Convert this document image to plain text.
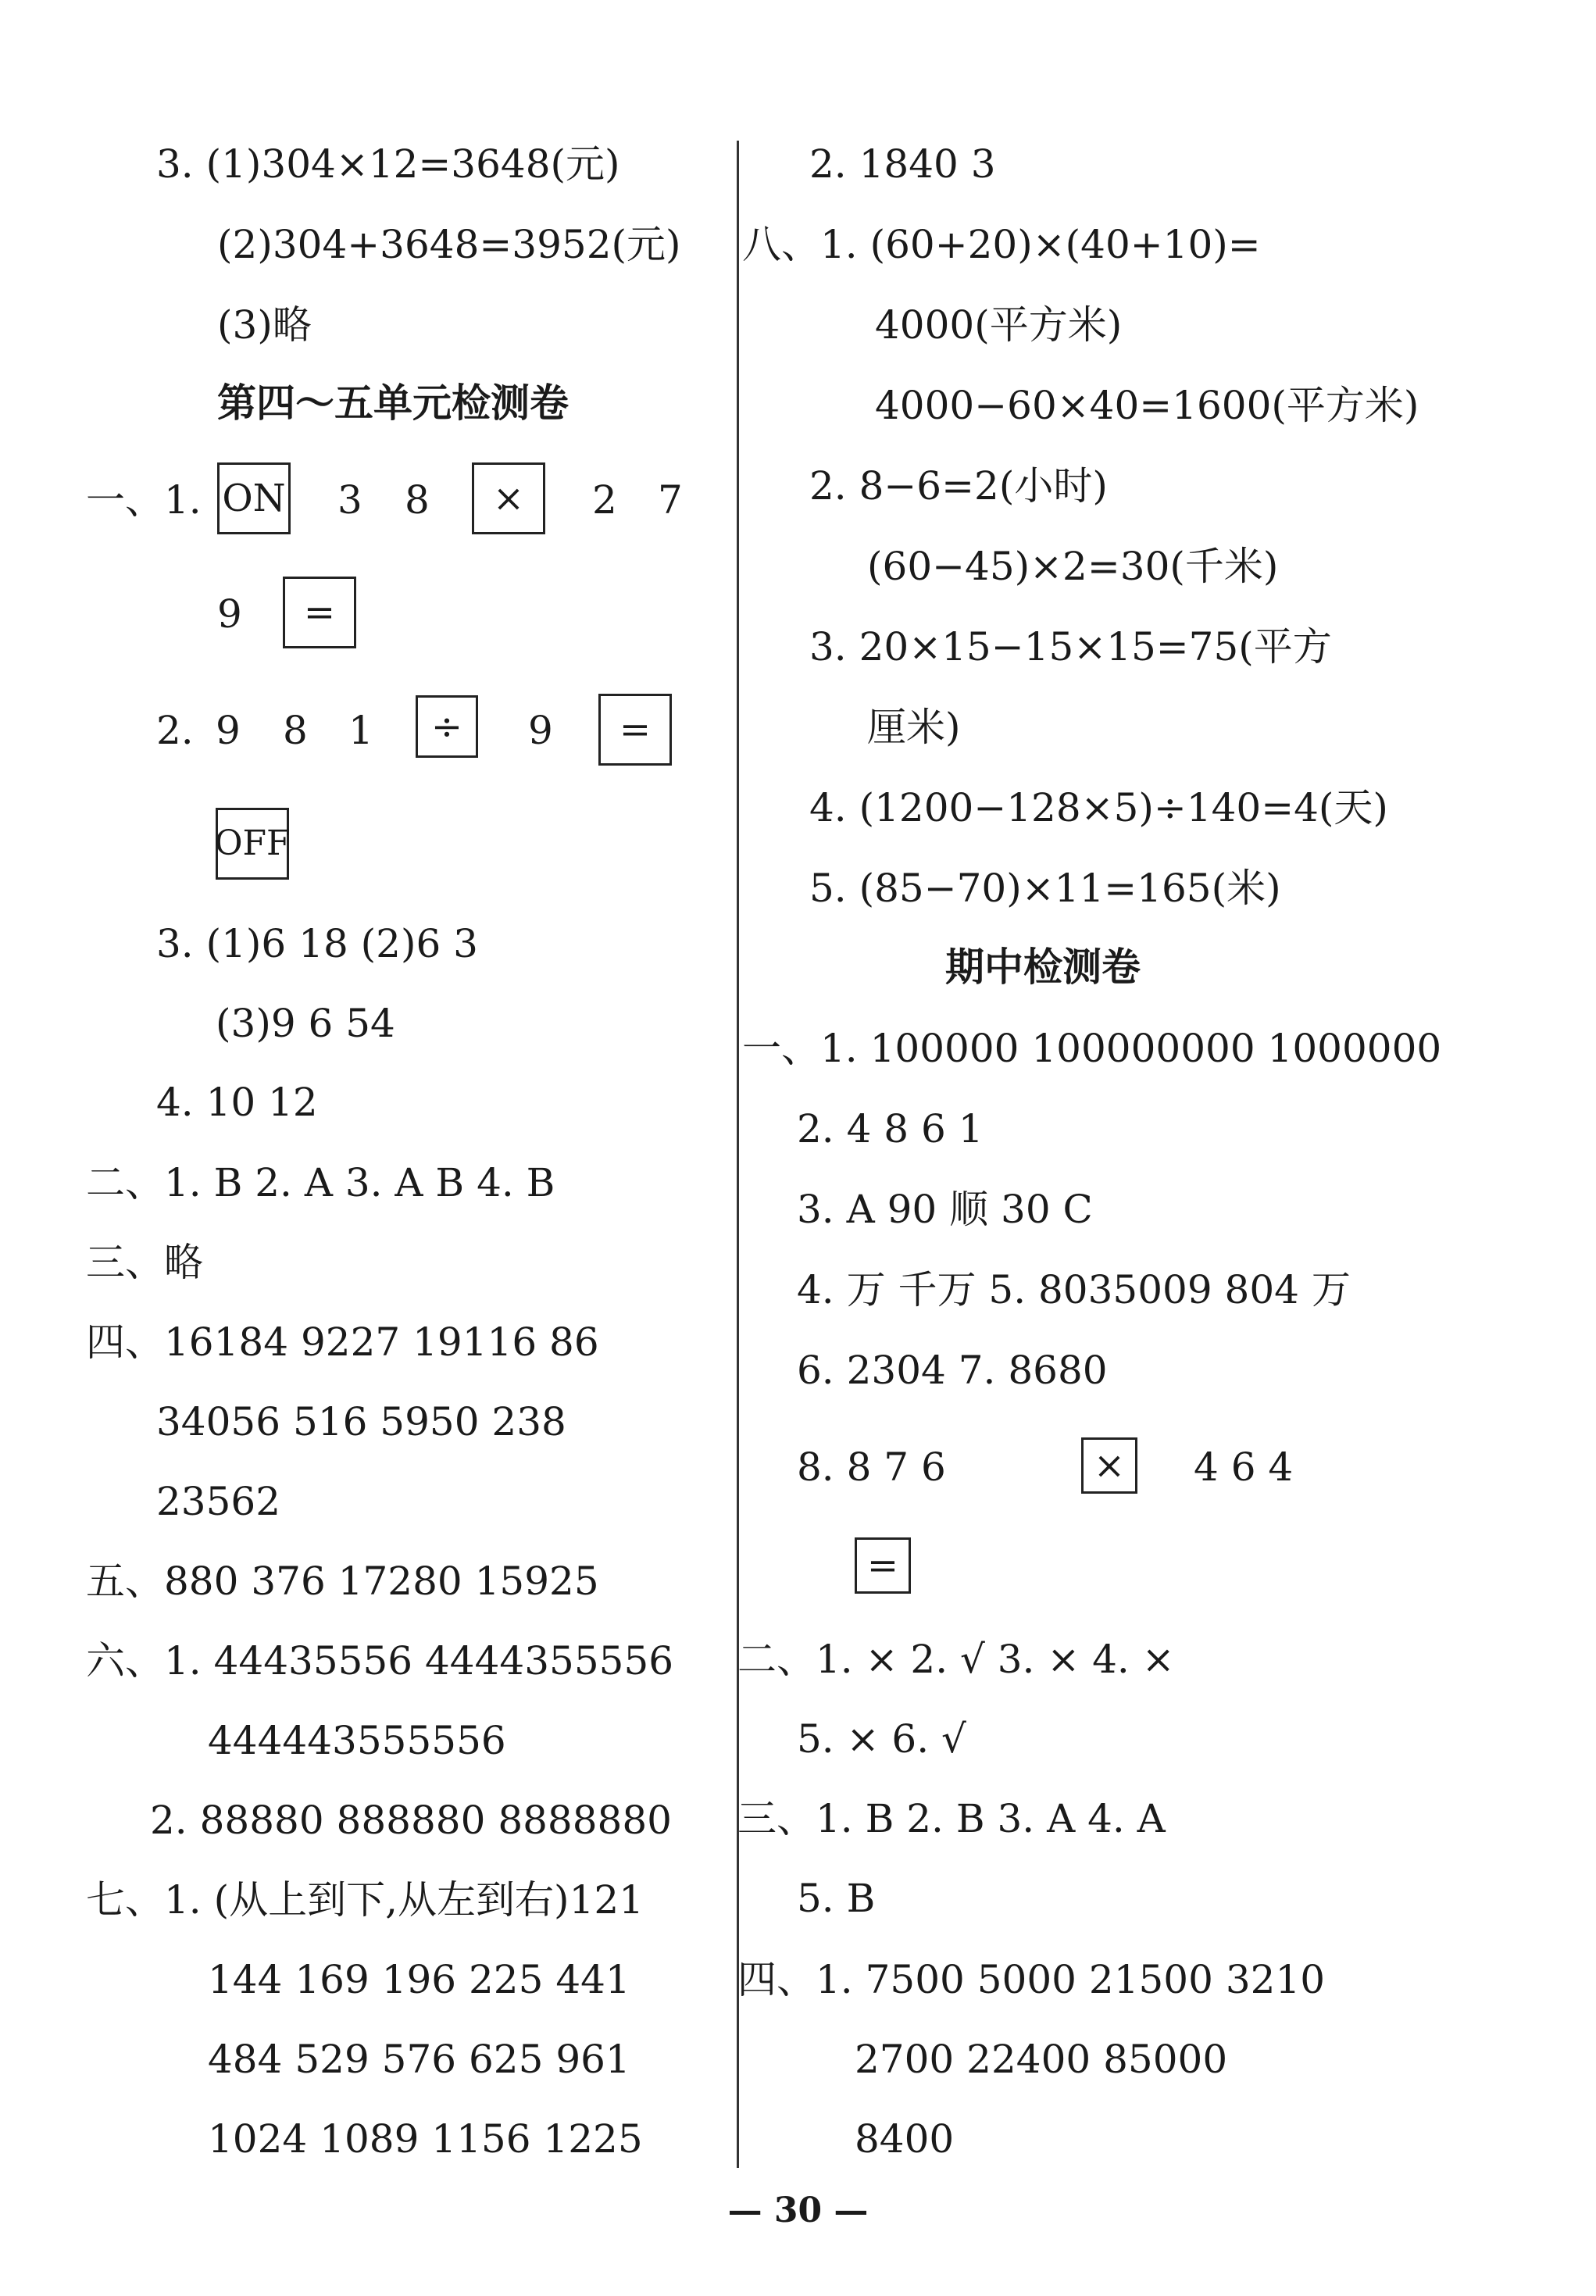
3. (1)304×12=3648(元)
(2)304+3648=3952(元)
(3)略
第四～五单元检测卷
一、1. ON 3 8	×	2 7
9	=
2. 9 8 1	÷	9	=
OFF
3. (1)6 18 (2)6 3
(3)9 6 54
4. 10 12
二、1. B 2. A 3. A B 4. B
三、略
四、16184 9227 19116 86
34056 516 5950 238
23562
五、880 376 17280 15925
六、1. 44435556 4444355556
444443555556
2. 88880 888880 8888880
七、1. (从上到下,从左到右)121
144 169 196 225 441
484 529 576 625 961
1024 1089 1156 1225
2. 1840 3
八、1. (60+20)×(40+10)=
4000(平方米)
4000−60×40=1600(平方米)
2. 8−6=2(小时)
(60−45)×2=30(千米)
3. 20×15−15×15=75(平方
厘米)
4. (1200−128×5)÷140=4(天)
5. (85−70)×11=165(米)
期中检测卷
一、1. 100000 100000000 1000000
2. 4 8 6 1
3. A 90 顺 30 C
4. 万 千万 5. 8035009 804 万
6. 2304 7. 8680
8. 8 7 6	×	4 6 4
=
二、1. × 2. √ 3. × 4. ×
5. × 6. √
三、1. B 2. B 3. A 4. A
5. B
四、1. 7500 5000 21500 3210
2700 22400 85000
8400
— 30 —
